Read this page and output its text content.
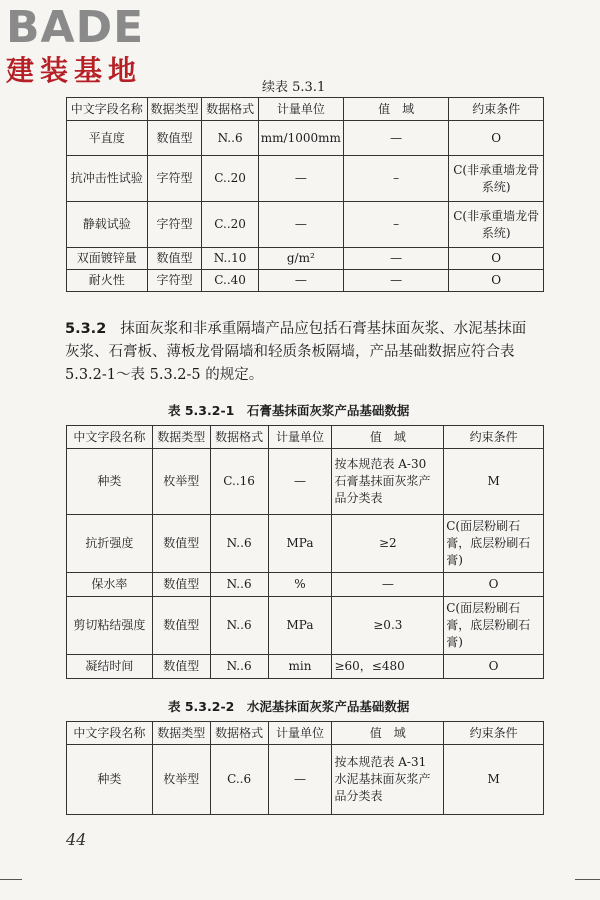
BADE
建装基地
续表 5.3.1
中文字段名称	数据类型	数据格式	计量单位	值　域	约束条件
平直度	数值型	N..6	mm/1000mm	—	O
抗冲击性试验	字符型	C..20	—	–	C(非承重墙龙骨系统)
静载试验	字符型	C..20	—	–	C(非承重墙龙骨系统)
双面镀锌量	数值型	N..10	g/m²	—	O
耐火性	字符型	C..40	—	—	O
5.3.2 抹面灰浆和非承重隔墙产品应包括石膏基抹面灰浆、水泥基抹面灰浆、石膏板、薄板龙骨隔墙和轻质条板隔墙，产品基础数据应符合表 5.3.2-1～表 5.3.2-5 的规定。
表 5.3.2-1　石膏基抹面灰浆产品基础数据
中文字段名称	数据类型	数据格式	计量单位	值　域	约束条件
种类	枚举型	C..16	—	按本规范表 A-30 石膏基抹面灰浆产品分类表	M
抗折强度	数值型	N..6	MPa	≥2	C(面层粉刷石膏，底层粉刷石膏)
保水率	数值型	N..6	%	—	O
剪切粘结强度	数值型	N..6	MPa	≥0.3	C(面层粉刷石膏，底层粉刷石膏)
凝结时间	数值型	N..6	min	≥60，≤480	O
表 5.3.2-2　水泥基抹面灰浆产品基础数据
中文字段名称	数据类型	数据格式	计量单位	值　域	约束条件
种类	枚举型	C..6	—	按本规范表 A-31 水泥基抹面灰浆产品分类表	M
44
